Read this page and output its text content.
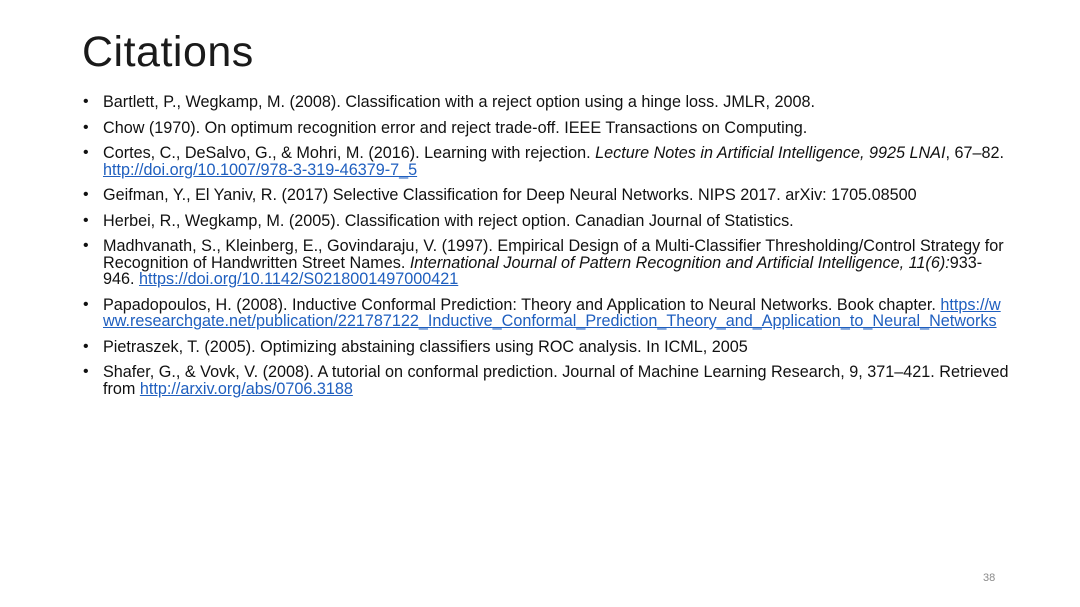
Citations
• Bartlett, P., Wegkamp, M. (2008). Classification with a reject option using a hinge loss. JMLR, 2008.
• Chow (1970). On optimum recognition error and reject trade-off. IEEE Transactions on Computing.
• Cortes, C., DeSalvo, G., & Mohri, M. (2016). Learning with rejection. Lecture Notes in Artificial Intelligence, 9925 LNAI, 67–82. http://doi.org/10.1007/978-3-319-46379-7_5
• Geifman, Y., El Yaniv, R. (2017) Selective Classification for Deep Neural Networks. NIPS 2017. arXiv: 1705.08500
• Herbei, R., Wegkamp, M. (2005). Classification with reject option. Canadian Journal of Statistics.
• Madhvanath, S., Kleinberg, E., Govindaraju, V. (1997). Empirical Design of a Multi-Classifier Thresholding/Control Strategy for Recognition of Handwritten Street Names. International Journal of Pattern Recognition and Artificial Intelligence, 11(6):933-946. https://doi.org/10.1142/S0218001497000421
• Papadopoulos, H. (2008). Inductive Conformal Prediction: Theory and Application to Neural Networks. Book chapter. https://www.researchgate.net/publication/221787122_Inductive_Conformal_Prediction_Theory_and_Application_to_Neural_Networks
• Pietraszek, T. (2005). Optimizing abstaining classifiers using ROC analysis. In ICML, 2005
• Shafer, G., & Vovk, V. (2008). A tutorial on conformal prediction. Journal of Machine Learning Research, 9, 371–421. Retrieved from http://arxiv.org/abs/0706.3188
38
